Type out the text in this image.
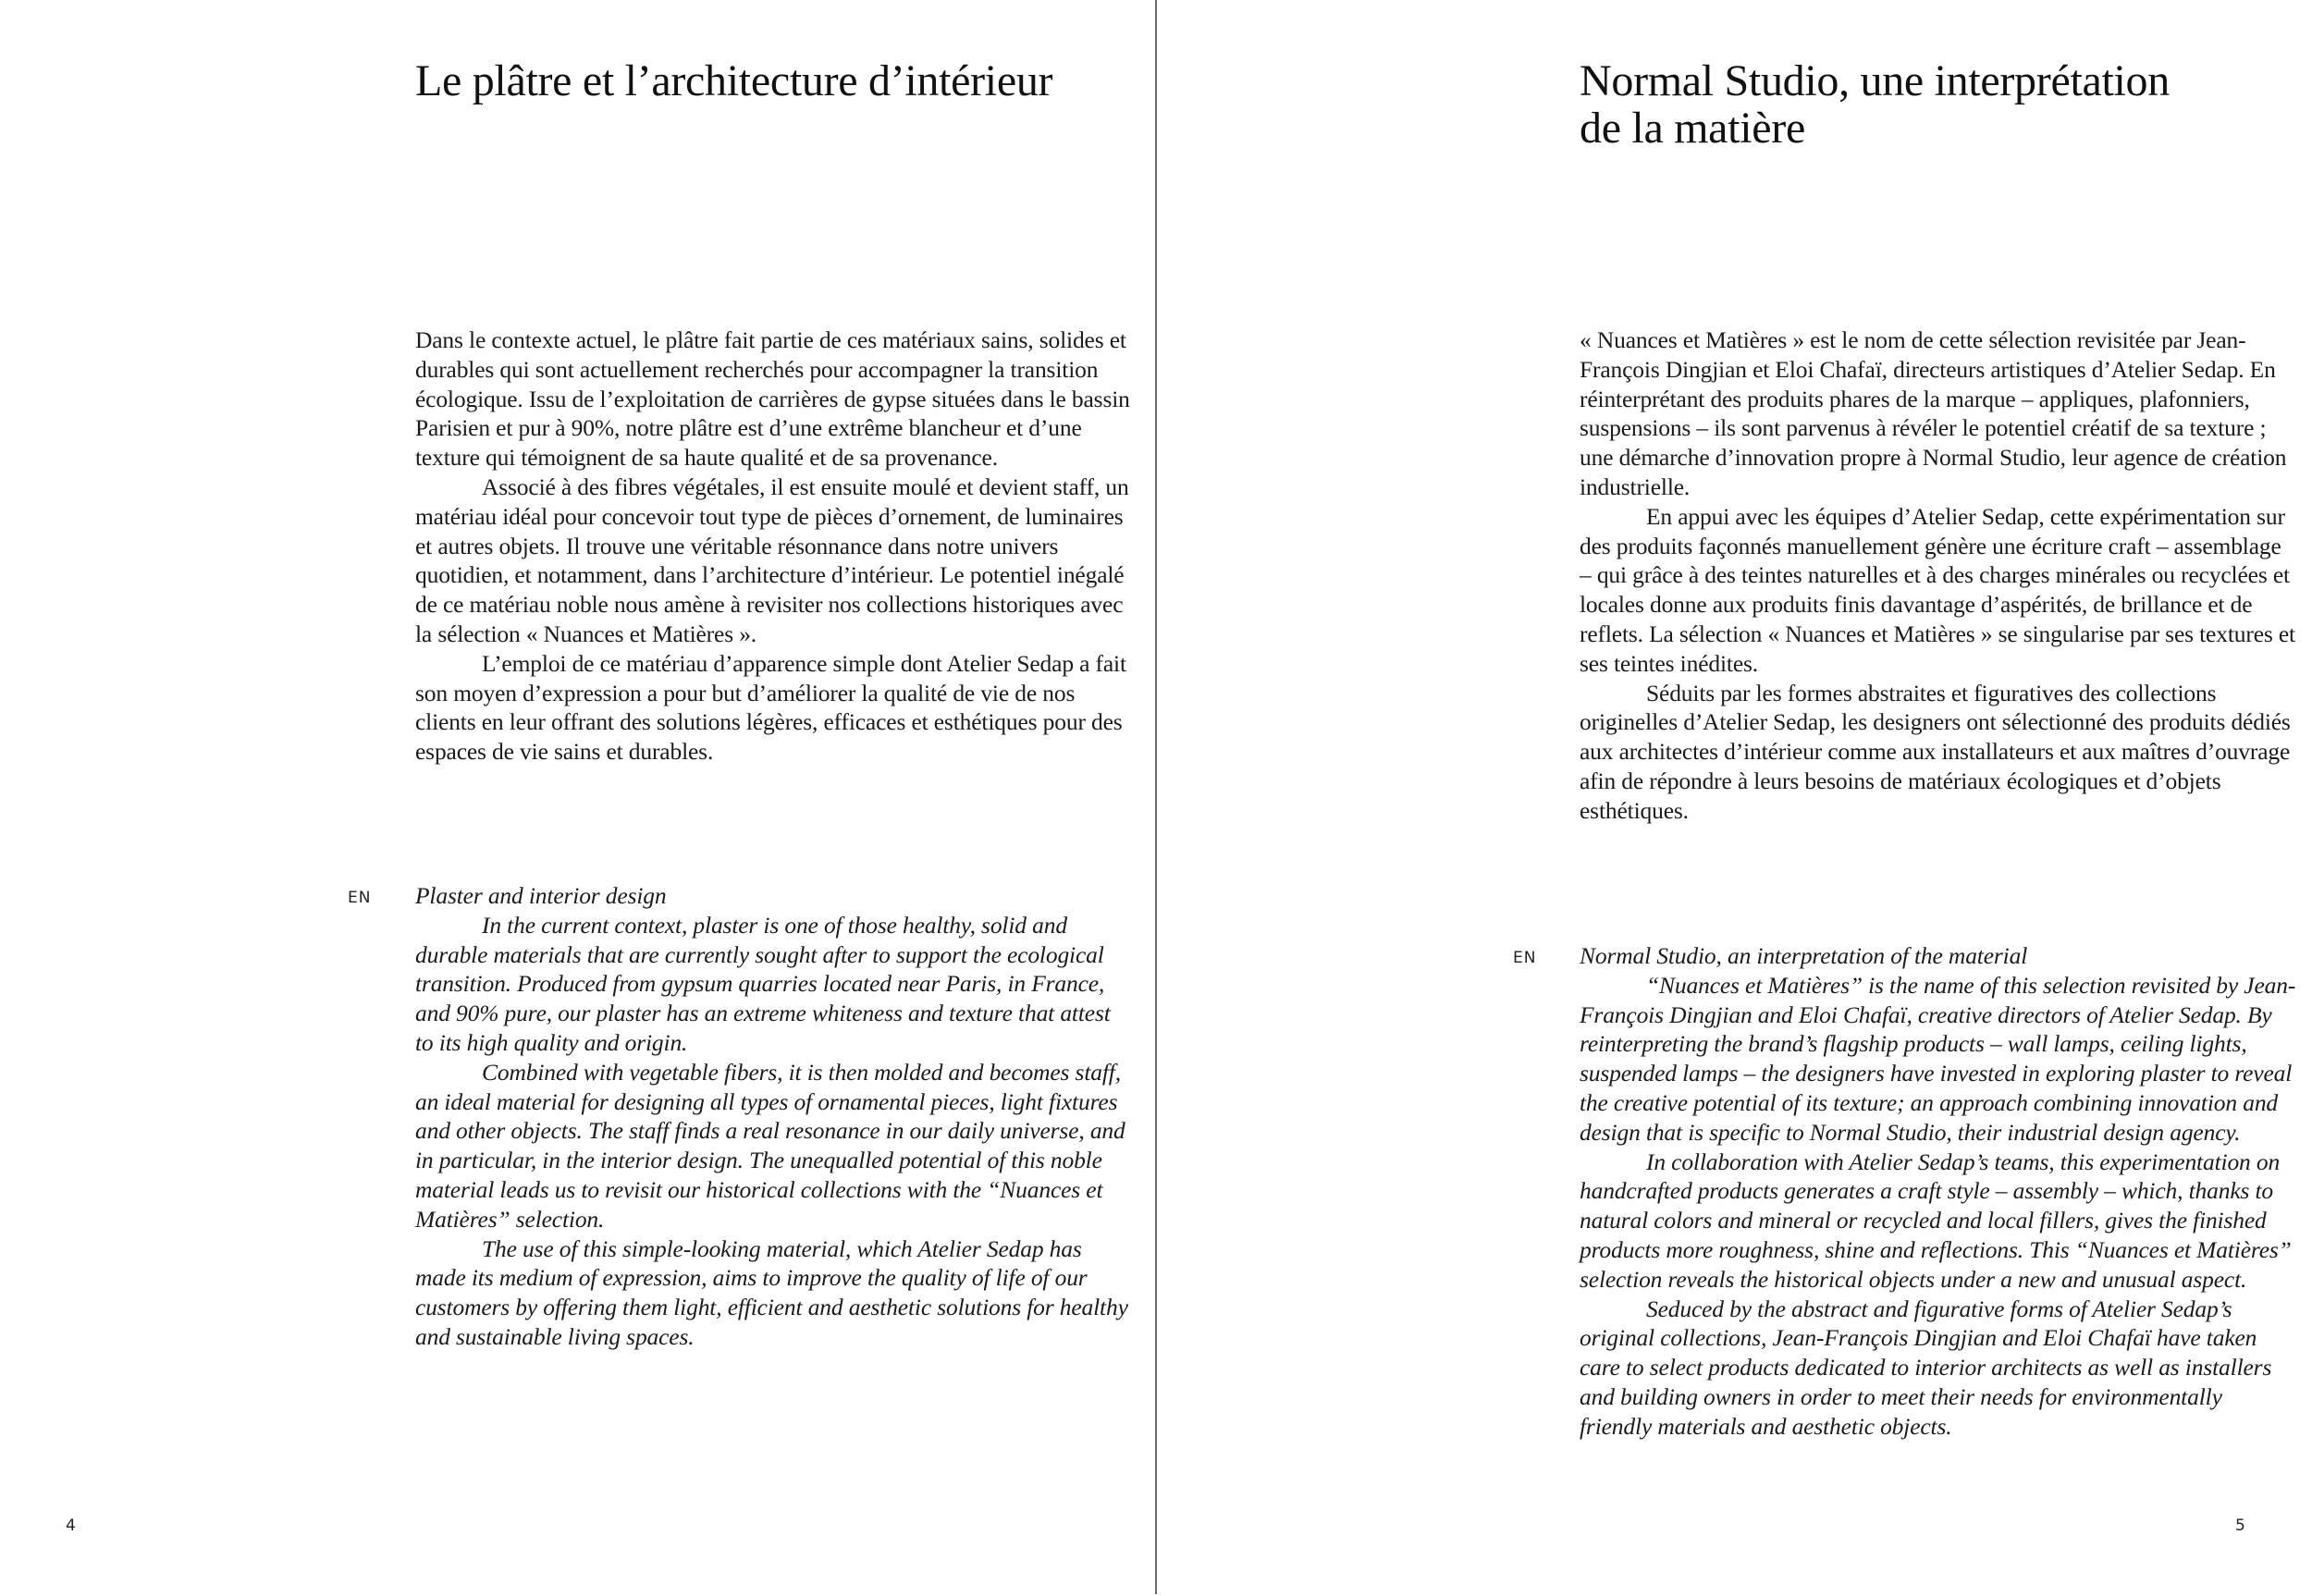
Le plâtre et l’architecture d’intérieur

Dans le contexte actuel, le plâtre fait partie de ces matériaux sains, solides et durables qui sont actuellement recherchés pour accompagner la transition écologique. Issu de l’exploitation de carrières de gypse situées dans le bassin Parisien et pur à 90%, notre plâtre est d’une extrême blancheur et d’une texture qui témoignent de sa haute qualité et de sa provenance.

Associé à des fibres végétales, il est ensuite moulé et devient staff, un matériau idéal pour concevoir tout type de pièces d’ornement, de luminaires et autres objets. Il trouve une véritable résonnance dans notre univers quotidien, et notamment, dans l’architecture d’intérieur. Le potentiel inégalé de ce matériau noble nous amène à revisiter nos collections historiques avec la sélection « Nuances et Matières ».

L’emploi de ce matériau d’apparence simple dont Atelier Sedap a fait son moyen d’expression a pour but d’améliorer la qualité de vie de nos clients en leur offrant des solutions légères, efficaces et esthétiques pour des espaces de vie sains et durables.

EN Plaster and interior design

In the current context, plaster is one of those healthy, solid and durable materials that are currently sought after to support the ecological transition. Produced from gypsum quarries located near Paris, in France, and 90% pure, our plaster has an extreme whiteness and texture that attest to its high quality and origin.

Combined with vegetable fibers, it is then molded and becomes staff, an ideal material for designing all types of ornamental pieces, light fixtures and other objects. The staff finds a real resonance in our daily universe, and in particular, in the interior design. The unequalled potential of this noble material leads us to revisit our historical collections with the “Nuances et Matières” selection.

The use of this simple-looking material, which Atelier Sedap has made its medium of expression, aims to improve the quality of life of our customers by offering them light, efficient and aesthetic solutions for healthy and sustainable living spaces.

4
Normal Studio, une interprétation
de la matière

« Nuances et Matières » est le nom de cette sélection revisitée par Jean-François Dingjian et Eloi Chafaï, directeurs artistiques d’Atelier Sedap. En réinterprétant des produits phares de la marque – appliques, plafonniers, suspensions – ils sont parvenus à révéler le potentiel créatif de sa texture ; une démarche d’innovation propre à Normal Studio, leur agence de création industrielle.

En appui avec les équipes d’Atelier Sedap, cette expérimentation sur des produits façonnés manuellement génère une écriture craft – assemblage – qui grâce à des teintes naturelles et à des charges minérales ou recyclées et locales donne aux produits finis davantage d’aspérités, de brillance et de reflets. La sélection « Nuances et Matières » se singularise par ses textures et ses teintes inédites.

Séduits par les formes abstraites et figuratives des collections originelles d’Atelier Sedap, les designers ont sélectionné des produits dédiés aux architectes d’intérieur comme aux installateurs et aux maîtres d’ouvrage afin de répondre à leurs besoins de matériaux écologiques et d’objets esthétiques.

EN Normal Studio, an interpretation of the material

“Nuances et Matières” is the name of this selection revisited by Jean-François Dingjian and Eloi Chafaï, creative directors of Atelier Sedap. By reinterpreting the brand’s flagship products – wall lamps, ceiling lights, suspended lamps – the designers have invested in exploring plaster to reveal the creative potential of its texture; an approach combining innovation and design that is specific to Normal Studio, their industrial design agency.

In collaboration with Atelier Sedap’s teams, this experimentation on handcrafted products generates a craft style – assembly – which, thanks to natural colors and mineral or recycled and local fillers, gives the finished products more roughness, shine and reflections. This “Nuances et Matières” selection reveals the historical objects under a new and unusual aspect.

Seduced by the abstract and figurative forms of Atelier Sedap’s original collections, Jean-François Dingjian and Eloi Chafaï have taken care to select products dedicated to interior architects as well as installers and building owners in order to meet their needs for environmentally friendly materials and aesthetic objects.

5
